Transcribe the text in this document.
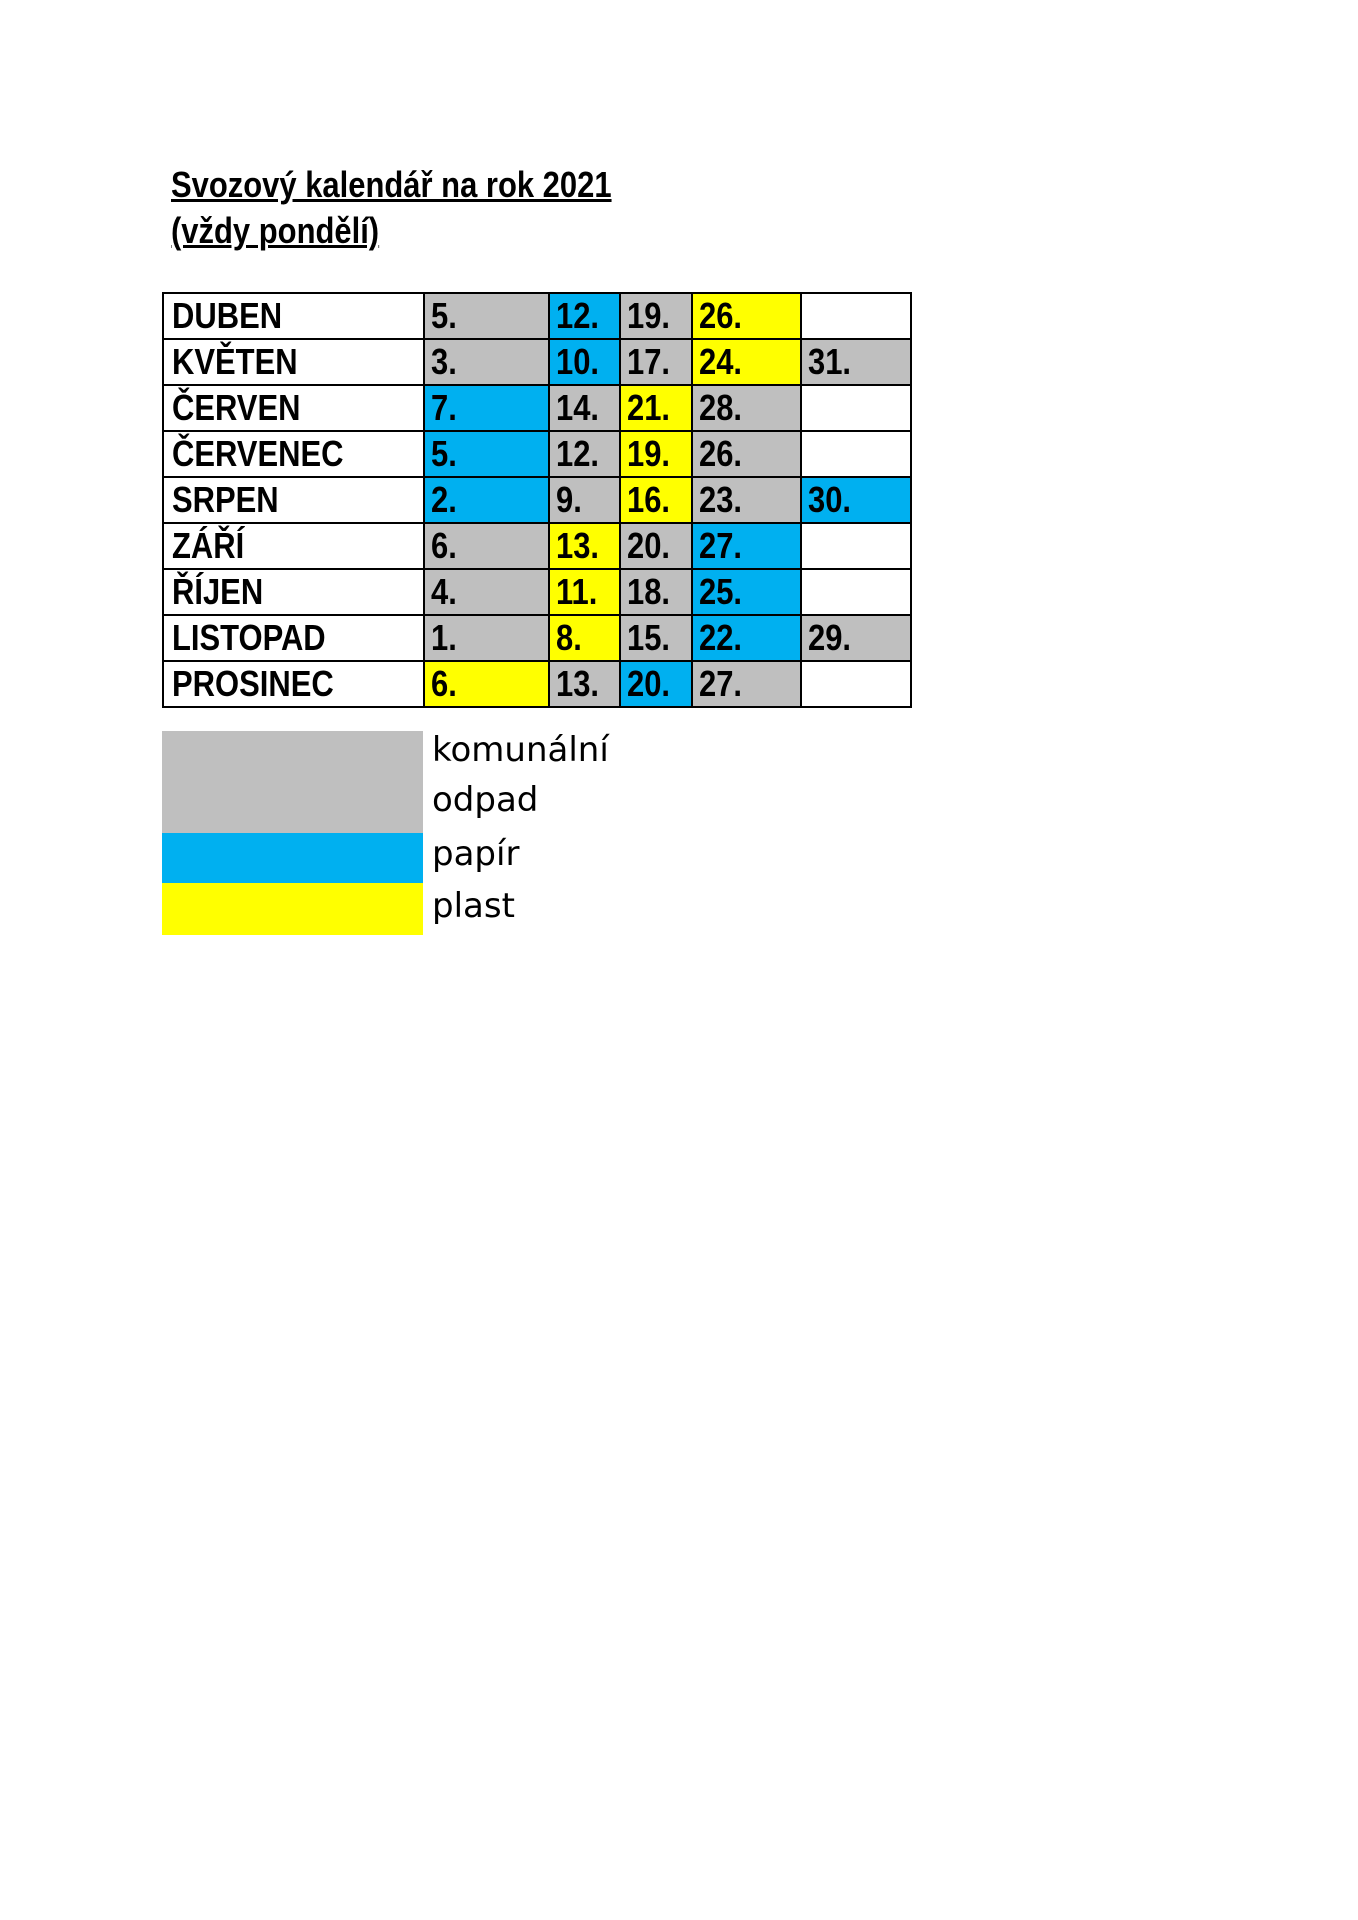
Svozový kalendář na rok 2021
(vždy pondělí)
DUBEN	5.	12.	19.	26.	
KVĚTEN	3.	10.	17.	24.	31.
ČERVEN	7.	14.	21.	28.	
ČERVENEC	5.	12.	19.	26.	
SRPEN	2.	9.	16.	23.	30.
ZÁŘÍ	6.	13.	20.	27.	
ŘÍJEN	4.	11.	18.	25.	
LISTOPAD	1.	8.	15.	22.	29.
PROSINEC	6.	13.	20.	27.	
komunální
odpad
papír
plast
